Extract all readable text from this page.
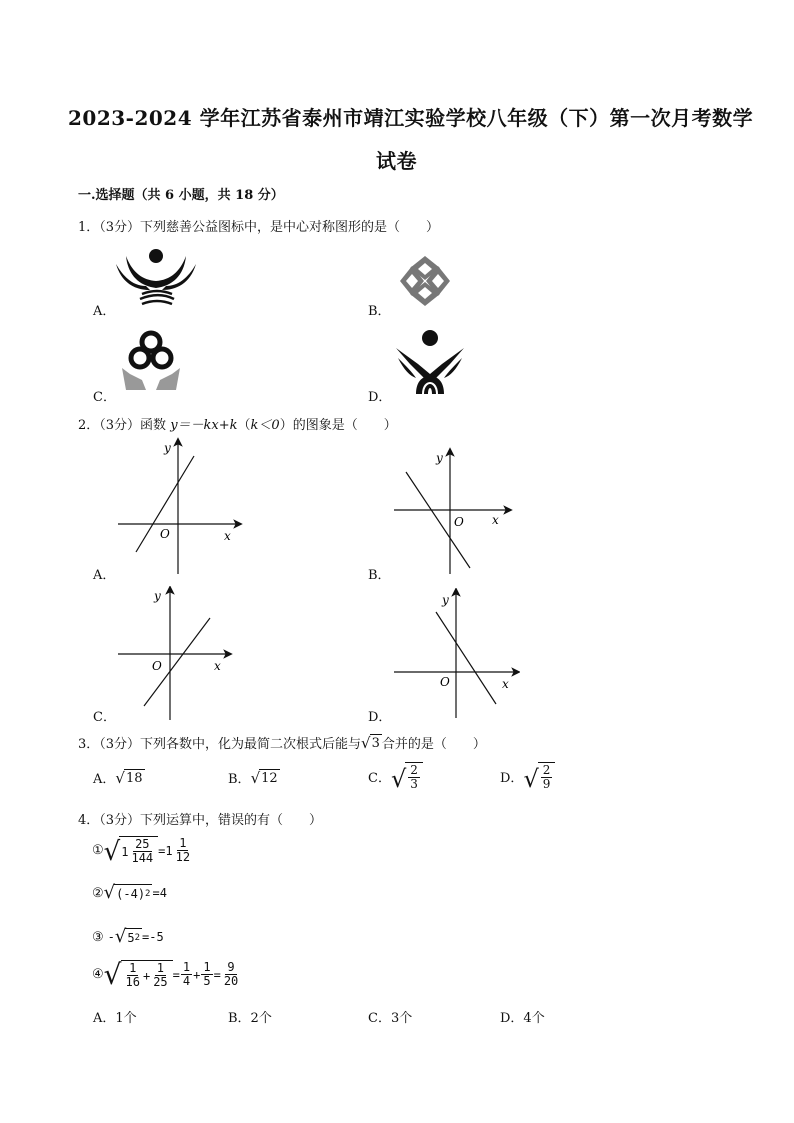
2023-2024 学年江苏省泰州市靖江实验学校八年级（下）第一次月考数学
试卷
一.选择题（共 6 小题，共 18 分）
1．（3分）下列慈善公益图标中，是中心对称图形的是（　　）
A．	B．
C．	D．
2．（3分）函数 y＝－kx+k（k＜0）的图象是（　　）
O	x
y
A．
O x
y
B．
O	x
y
C．
O	x
y
D．
3．（3分）下列各数中，化为最简二次根式后能与 √ 3 合并的是（　　）
A． √ 18	B． √ 12	C． √ $\frac{2}{3}$	D． √ $\frac{2}{9}$
4．（3分）下列运算中，错误的有（　　）
① √ $1 \frac{25}{144} =1 \frac{1}{12}$
② √ (-4) 2 =4
③ - √ 5 2 =-5
④ √ $\frac{1}{16} + \frac{1}{25} = \frac{1}{4} + \frac{1}{5} = \frac{9}{20}$
A．1个	B．2个	C．3个	D．4个
